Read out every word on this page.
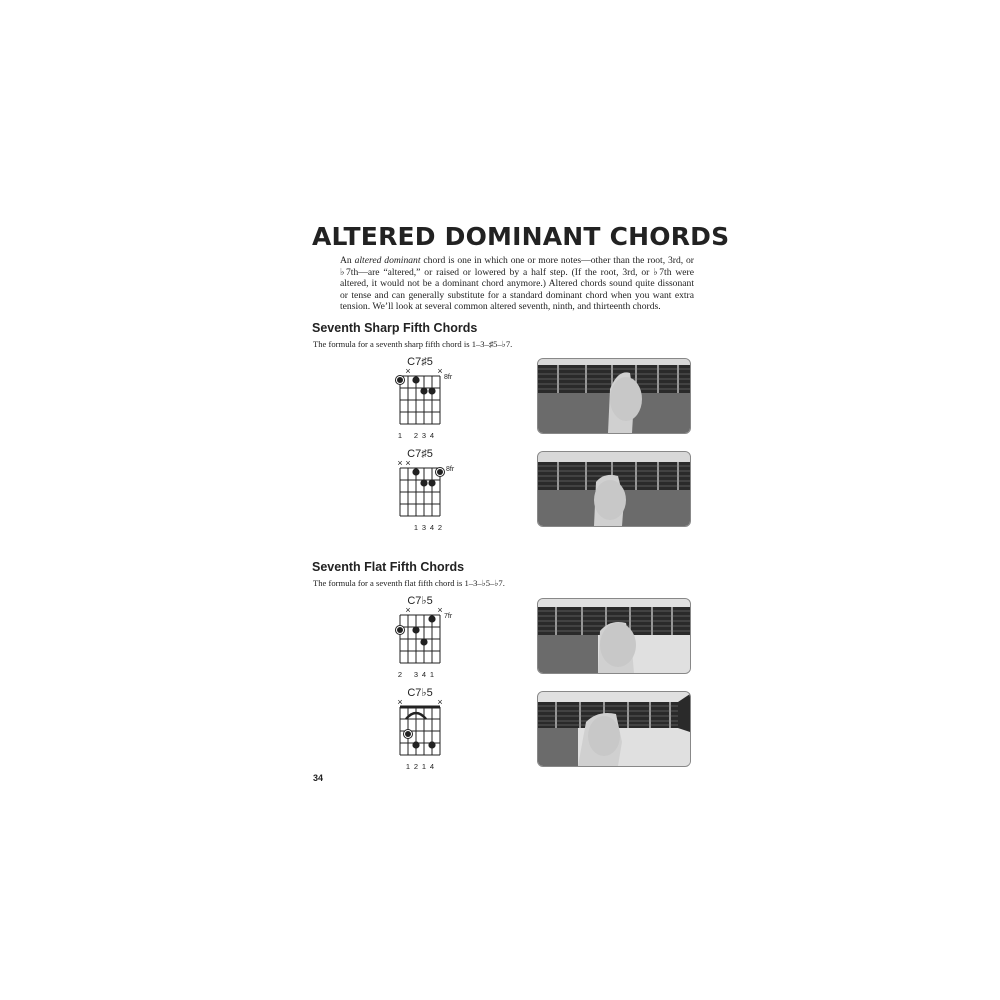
ALTERED DOMINANT CHORDS
An altered dominant chord is one in which one or more notes—other than the root, 3rd, or ♭7th—are “altered,” or raised or lowered by a half step. (If the root, 3rd, or ♭7th were altered, it would not be a dominant chord anymore.) Altered chords sound quite dissonant or tense and can generally substitute for a standard dominant chord when you want extra tension. We’ll look at several common altered seventh, ninth, and thirteenth chords.
Seventh Sharp Fifth Chords
The formula for a seventh sharp fifth chord is 1–3–♯5–♭7.
C7♯5
×	×
8fr
1 2 3 4
C7♯5
× ×
8fr
1 3 4 2
Seventh Flat Fifth Chords
The formula for a seventh flat fifth chord is 1–3–♭5–♭7.
C7♭5
×	×
7fr
2 3 4 1
C7♭5
×	×
1 2 1 4
34
